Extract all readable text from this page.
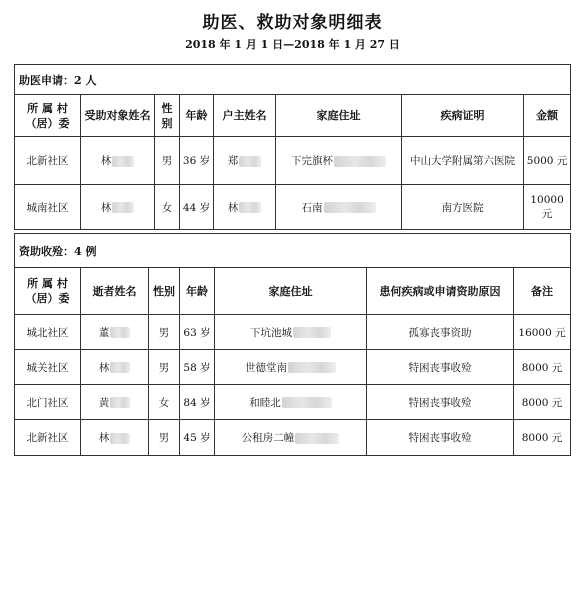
助医、救助对象明细表
2018 年 1 月 1 日—2018 年 1 月 27 日
助医申请：2 人							
所 属 村（居）委	受助对象姓名	性别	年龄	户主姓名	家庭住址	疾病证明	金额
北新社区	林	男	36 岁	郑	下完旗杯	中山大学附属第六医院	5000 元
城南社区	林	女	44 岁	林	石南	南方医院	10000 元
资助收殓：4 例						
所 属 村（居）委	逝者姓名	性别	年龄	家庭住址	患何疾病或申请资助原因	备注
城北社区	董	男	63 岁	下坑池城	孤寡丧事资助	16000 元
城关社区	林	男	58 岁	世德堂南	特困丧事收殓	8000 元
北门社区	黄	女	84 岁	和睦北	特困丧事收殓	8000 元
北新社区	林	男	45 岁	公租房二幢	特困丧事收殓	8000 元
